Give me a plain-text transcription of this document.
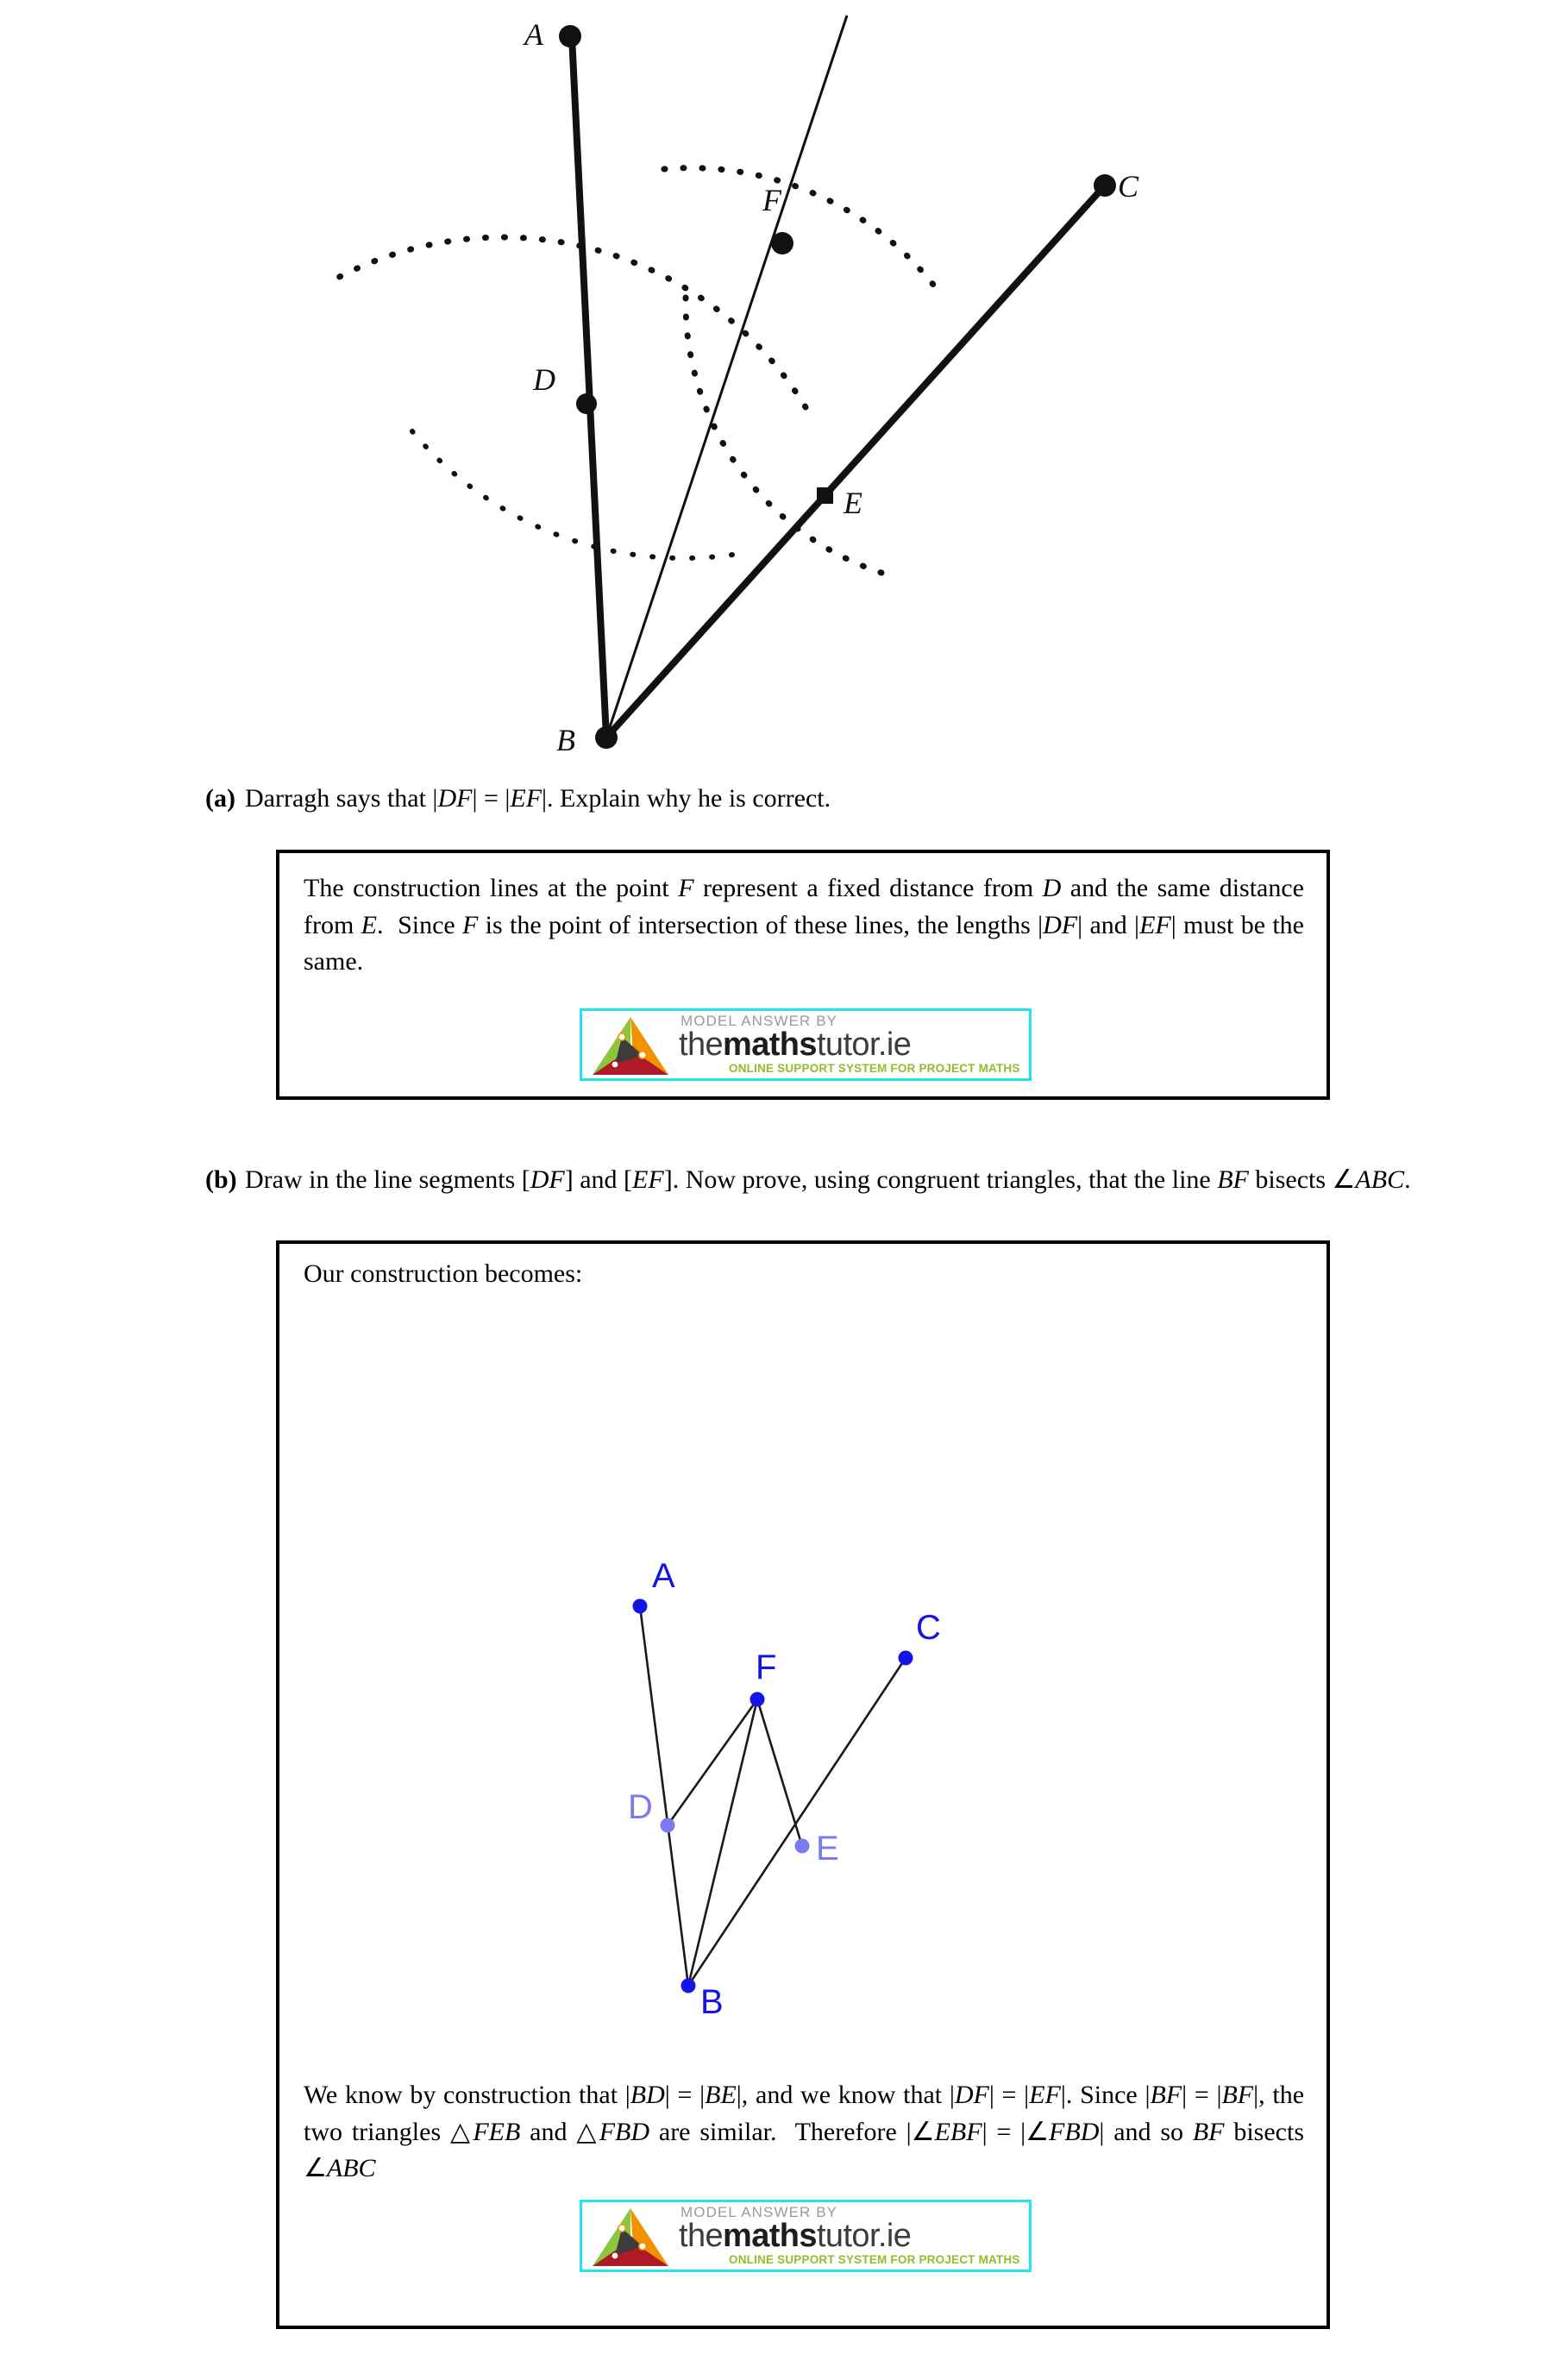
A
B
C
D
E
F
(a) Darragh says that |DF| = |EF|. Explain why he is correct.
The construction lines at the point F represent a fixed distance from D and the same distance from E.  Since F is the point of intersection of these lines, the lengths |DF| and |EF| must be the same.
MODEL ANSWER BY
themathstutor.ie
ONLINE SUPPORT SYSTEM FOR PROJECT MATHS
(b) Draw in the line segments [DF] and [EF]. Now prove, using congruent triangles, that the line BF bisects ∠ABC.
Our construction becomes:
A
C
F
D
E
B
We know by construction that |BD| = |BE|, and we know that |DF| = |EF|. Since |BF| = |BF|, the two triangles △FEB and △FBD are similar.  Therefore |∠EBF| = |∠FBD| and so BF bisects ∠ABC
MODEL ANSWER BY
themathstutor.ie
ONLINE SUPPORT SYSTEM FOR PROJECT MATHS
